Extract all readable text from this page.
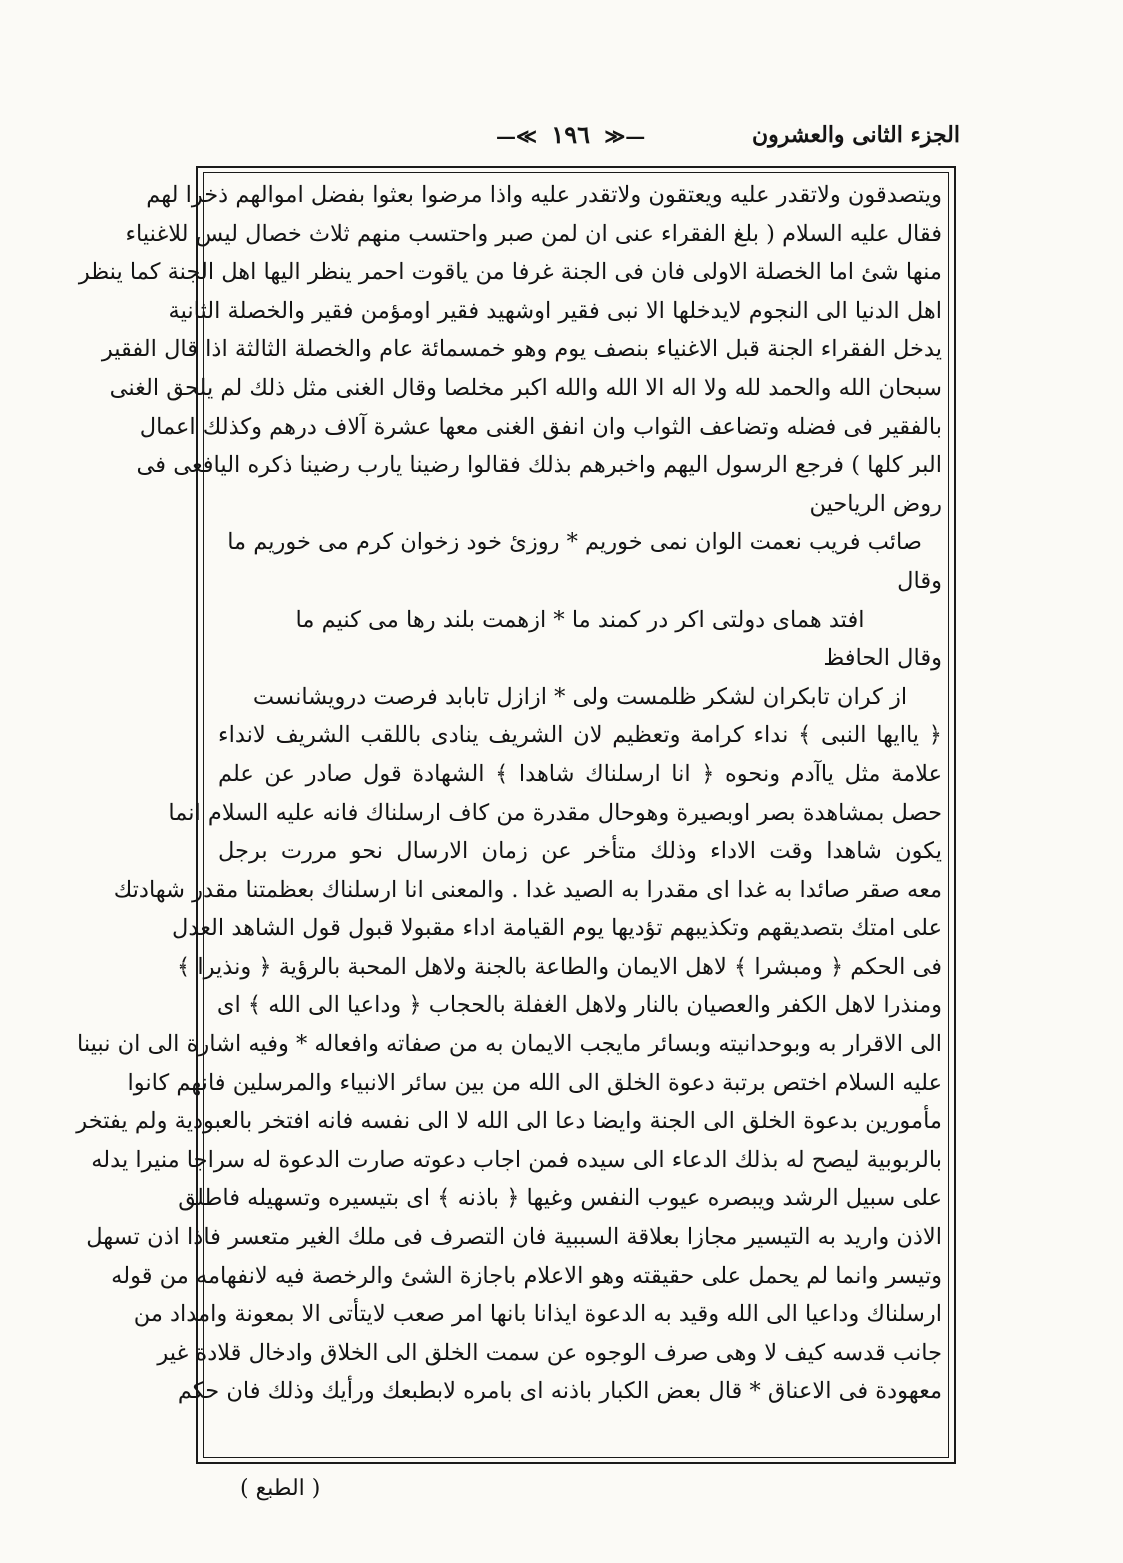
الجزء الثانی والعشرون
—≪ ١٩٦ ≫—
ويتصدقون ولاتقدر عليه ويعتقون ولاتقدر عليه واذا مرضوا بعثوا بفضل اموالهم ذخرا لهم
فقال عليه السلام ( بلغ الفقراء عنی ان لمن صبر واحتسب منهم ثلاث خصال ليس للاغنياء
منها شئ اما الخصلة الاولى فان فی الجنة غرفا من ياقوت احمر ينظر اليها اهل الجنة كما ينظر
اهل الدنيا الى النجوم لايدخلها الا نبى فقير اوشهيد فقير اومؤمن فقير والخصلة الثانية
يدخل الفقراء الجنة قبل الاغنياء بنصف يوم وهو خمسمائة عام والخصلة الثالثة اذا قال الفقير
سبحان الله والحمد لله ولا اله الا الله والله اكبر مخلصا وقال الغنى مثل ذلك لم يلحق الغنى
بالفقير فی فضله وتضاعف الثواب وان انفق الغنى معها عشرة آلاف درهم وكذلك اعمال
البر كلها ) فرجع الرسول اليهم واخبرهم بذلك فقالوا رضينا يارب رضينا ذكره اليافعى فی
روض الرياحين
صائب فريب نعمت الوان نمى خوريم * روزئ خود زخوان كرم مى خوريم ما
وقال
افتد هماى دولتى اكر در كمند ما * ازهمت بلند رها مى كنيم ما
وقال الحافظ
از كران تابكران لشكر ظلمست ولى * ازازل تابابد فرصت درويشانست
﴿ ياايها النبى ﴾ نداء كرامة وتعظيم لان الشريف ينادى باللقب الشريف لانداء
علامة مثل ياآدم ونحوه ﴿ انا ارسلناك شاهدا ﴾ الشهادة قول صادر عن علم
حصل بمشاهدة بصر اوبصيرة وهوحال مقدرة من كاف ارسلناك فانه عليه السلام انما
يكون شاهدا وقت الاداء وذلك متأخر عن زمان الارسال نحو مررت برجل
معه صقر صائدا به غدا اى مقدرا به الصيد غدا . والمعنى انا ارسلناك بعظمتنا مقدر شهادتك
على امتك بتصديقهم وتكذيبهم تؤديها يوم القيامة اداء مقبولا قبول قول الشاهد العدل
فی الحكم ﴿ ومبشرا ﴾ لاهل الايمان والطاعة بالجنة ولاهل المحبة بالرؤية ﴿ ونذيرا ﴾
ومنذرا لاهل الكفر والعصيان بالنار ولاهل الغفلة بالحجاب ﴿ وداعيا الى الله ﴾ اى
الى الاقرار به وبوحدانيته وبسائر مايجب الايمان به من صفاته وافعاله * وفيه اشارة الى ان نبينا
عليه السلام اختص برتبة دعوة الخلق الى الله من بين سائر الانبياء والمرسلين فانهم كانوا
مأمورين بدعوة الخلق الى الجنة وايضا دعا الى الله لا الى نفسه فانه افتخر بالعبودية ولم يفتخر
بالربوبية ليصح له بذلك الدعاء الى سيده فمن اجاب دعوته صارت الدعوة له سراجا منيرا يدله
على سبيل الرشد ويبصره عيوب النفس وغيها ﴿ باذنه ﴾ اى بتيسيره وتسهيله فاطلق
الاذن واريد به التيسير مجازا بعلاقة السببية فان التصرف فی ملك الغير متعسر فاذا اذن تسهل
وتيسر وانما لم يحمل على حقيقته وهو الاعلام باجازة الشئ والرخصة فيه لانفهامه من قوله
ارسلناك وداعيا الى الله وقيد به الدعوة ايذانا بانها امر صعب لايتأتى الا بمعونة وامداد من
جانب قدسه كيف لا وهى صرف الوجوه عن سمت الخلق الى الخلاق وادخال قلادة غير
معهودة فی الاعناق * قال بعض الكبار باذنه اى بامره لابطبعك ورأيك وذلك فان حكم
( الطبع )
